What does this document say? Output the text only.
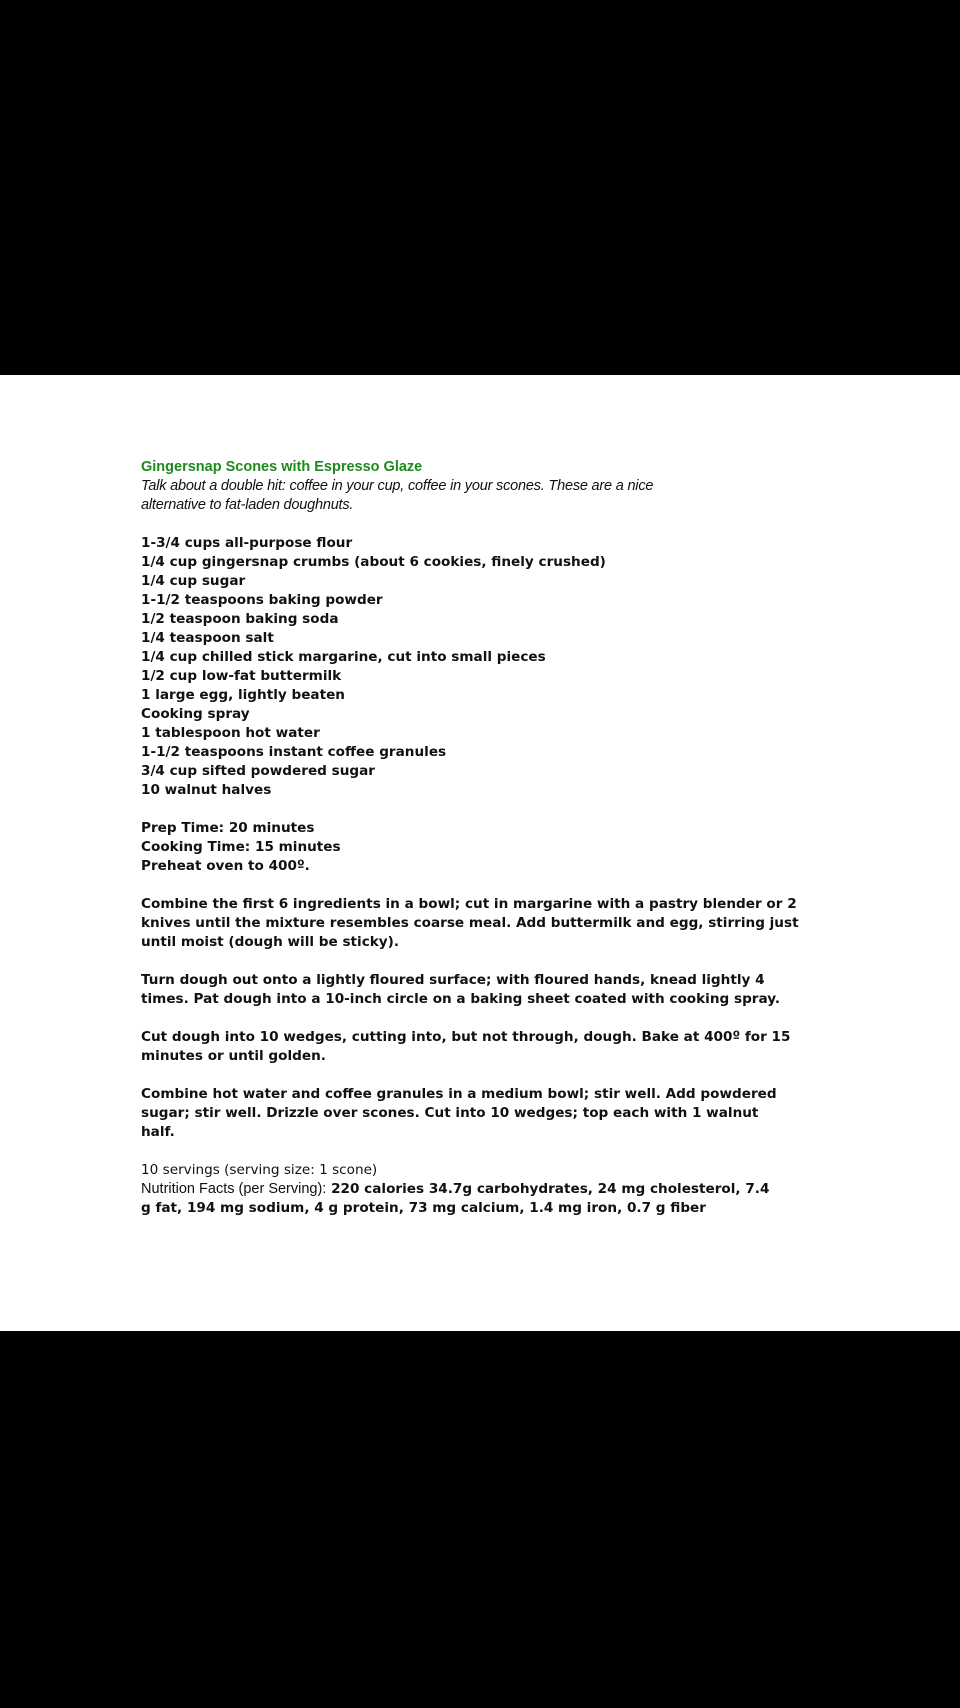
Gingersnap Scones with Espresso Glaze
Talk about a double hit: coffee in your cup, coffee in your scones. These are a nice
alternative to fat-laden doughnuts.
1-3/4 cups all-purpose flour
1/4 cup gingersnap crumbs (about 6 cookies, finely crushed)
1/4 cup sugar
1-1/2 teaspoons baking powder
1/2 teaspoon baking soda
1/4 teaspoon salt
1/4 cup chilled stick margarine, cut into small pieces
1/2 cup low-fat buttermilk
1 large egg, lightly beaten
Cooking spray
1 tablespoon hot water
1-1/2 teaspoons instant coffee granules
3/4 cup sifted powdered sugar
10 walnut halves
Prep Time: 20 minutes
Cooking Time: 15 minutes
Preheat oven to 400º.
Combine the first 6 ingredients in a bowl; cut in margarine with a pastry blender or 2
knives until the mixture resembles coarse meal. Add buttermilk and egg, stirring just
until moist (dough will be sticky).
Turn dough out onto a lightly floured surface; with floured hands, knead lightly 4
times. Pat dough into a 10-inch circle on a baking sheet coated with cooking spray.
Cut dough into 10 wedges, cutting into, but not through, dough. Bake at 400º for 15
minutes or until golden.
Combine hot water and coffee granules in a medium bowl; stir well. Add powdered
sugar; stir well. Drizzle over scones. Cut into 10 wedges; top each with 1 walnut
half.
10 servings (serving size: 1 scone)
Nutrition Facts (per Serving): 220 calories 34.7g carbohydrates, 24 mg cholesterol, 7.4
g fat, 194 mg sodium, 4 g protein, 73 mg calcium, 1.4 mg iron, 0.7 g fiber
